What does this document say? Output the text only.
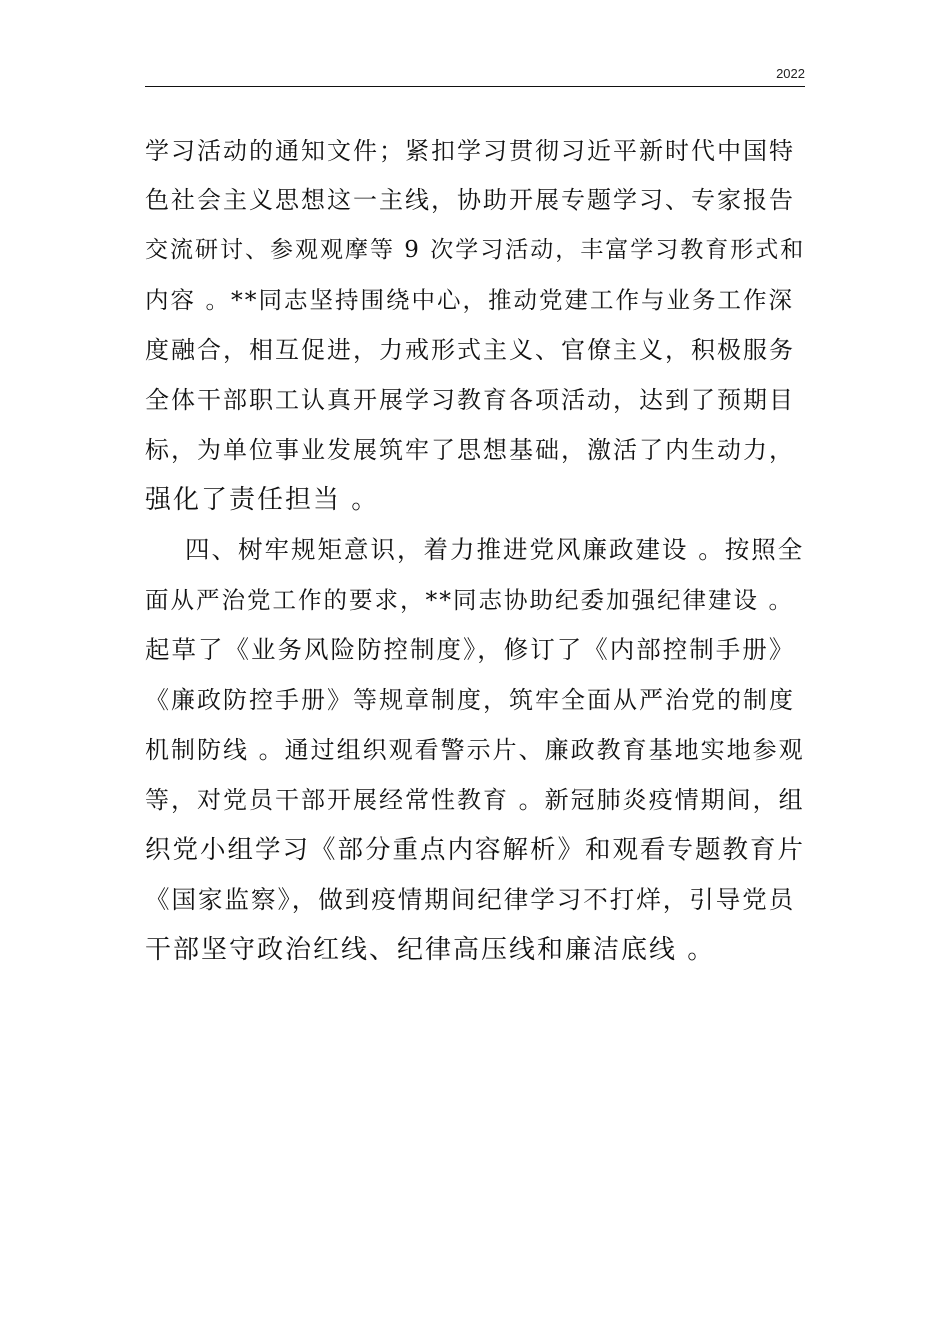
2022
学习活动的通知文件；紧扣学习贯彻习近平新时代中国特
色社会主义思想这一主线，协助开展专题学习、专家报告
交流研讨、参观观摩等 9 次学习活动，丰富学习教育形式和
内容 。**同志坚持围绕中心，推动党建工作与业务工作深
度融合，相互促进，力戒形式主义、官僚主义，积极服务
全体干部职工认真开展学习教育各项活动，达到了预期目
标，为单位事业发展筑牢了思想基础，激活了内生动力，
强化了责任担当 。
四、树牢规矩意识，着力推进党风廉政建设 。按照全
面从严治党工作的要求，**同志协助纪委加强纪律建设 。
起草了《业务风险防控制度》，修订了《内部控制手册》
《廉政防控手册》等规章制度，筑牢全面从严治党的制度
机制防线 。通过组织观看警示片、廉政教育基地实地参观
等，对党员干部开展经常性教育 。新冠肺炎疫情期间，组
织党小组学习《部分重点内容解析》和观看专题教育片
《国家监察》，做到疫情期间纪律学习不打烊，引导党员
干部坚守政治红线、纪律高压线和廉洁底线 。
